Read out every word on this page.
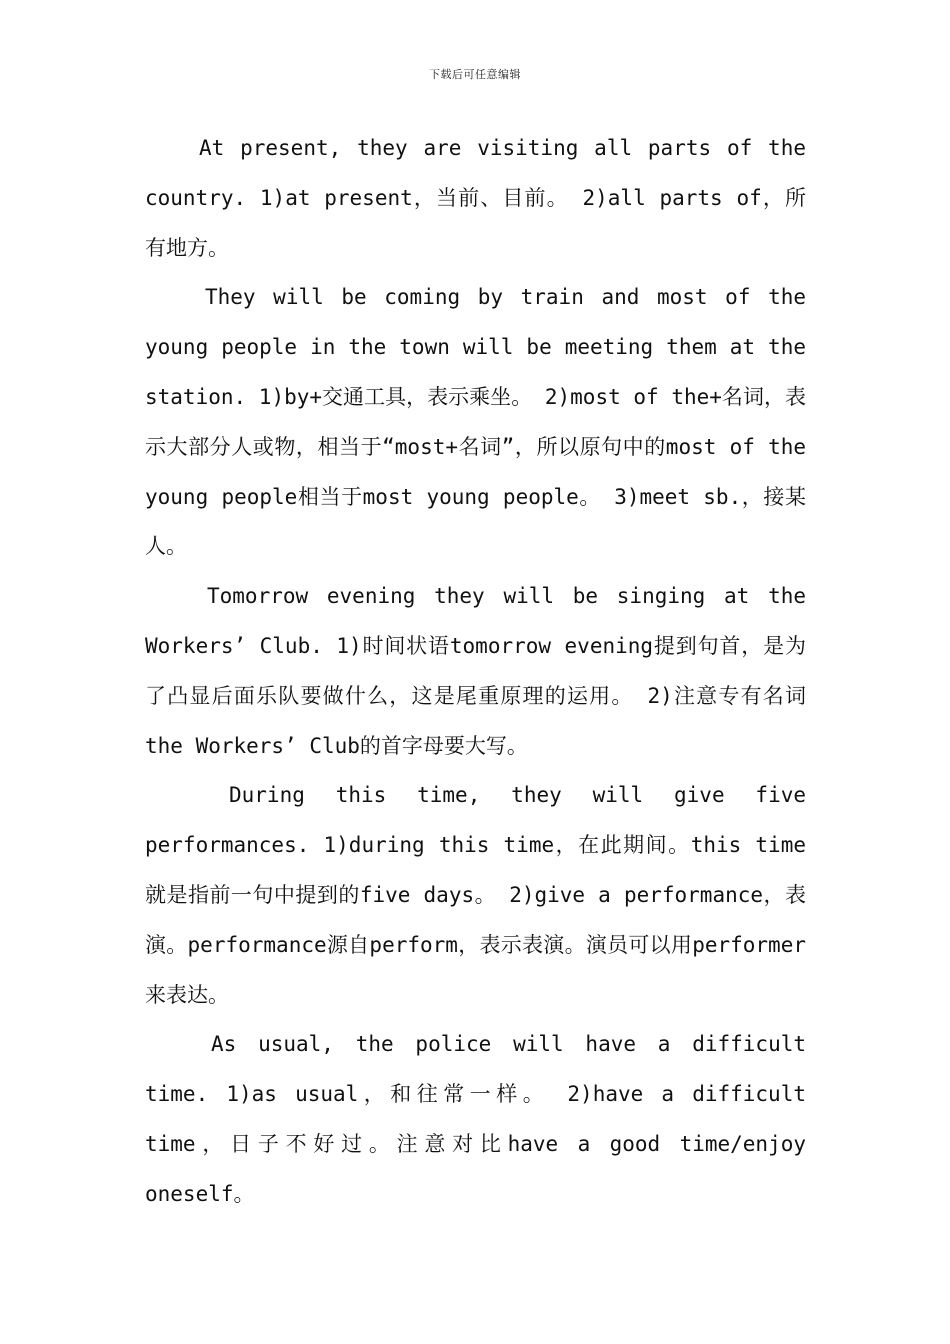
下载后可任意编辑

At present, they are visiting all parts of the country. 1)at present，当前、目前。 2)all parts of，所有地方。

They will be coming by train and most of the young people in the town will be meeting them at the station. 1)by+交通工具，表示乘坐。 2)most of the+名词，表示大部分人或物，相当于“most+名词”，所以原句中的most of the young people相当于most young people。 3)meet sb.，接某人。

Tomorrow evening they will be singing at the Workers’ Club. 1)时间状语tomorrow evening提到句首，是为了凸显后面乐队要做什么，这是尾重原理的运用。 2)注意专有名词the Workers’ Club的首字母要大写。

During this time, they will give five performances. 1)during this time，在此期间。this time就是指前一句中提到的five days。 2)give a performance，表演。performance源自perform，表示表演。演员可以用performer来表达。

As usual, the police will have a difficult time. 1)as usual，和往常一样。 2)have a difficult time，日子不好过。注意对比have a good time/enjoy oneself。
